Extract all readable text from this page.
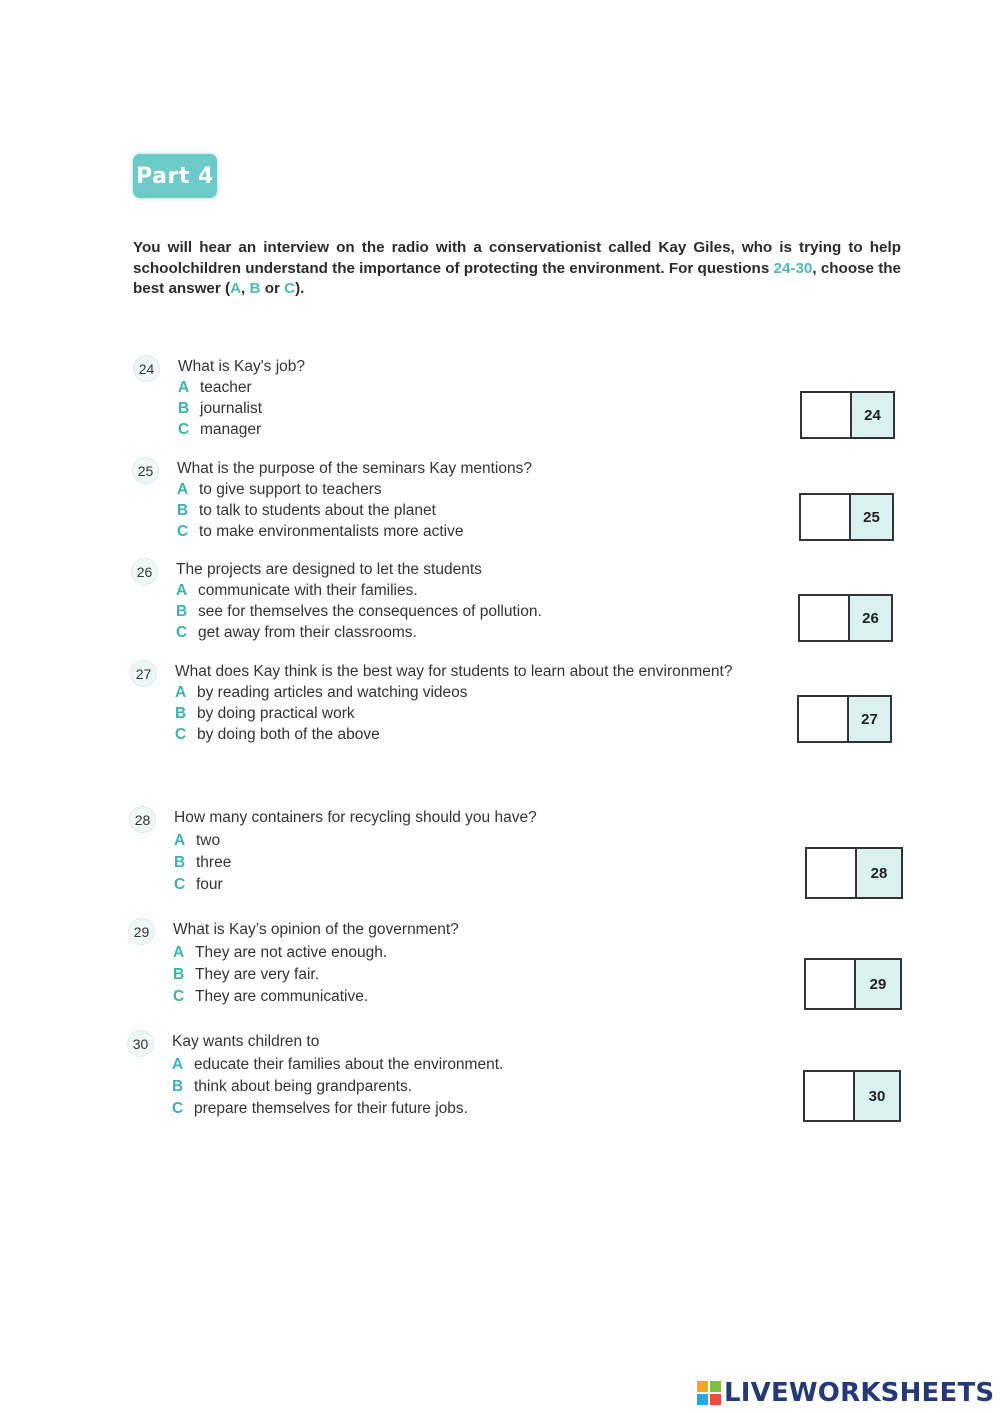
Part 4
You will hear an interview on the radio with a conservationist called Kay Giles, who is trying to help schoolchildren understand the importance of protecting the environment. For questions 24-30, choose the best answer (A, B or C).
24	What is Kay's job?
A teacher
B journalist
C manager
24
25	What is the purpose of the seminars Kay mentions?
A to give support to teachers
B to talk to students about the planet
C to make environmentalists more active
25
26	The projects are designed to let the students
A communicate with their families.
B see for themselves the consequences of pollution.
C get away from their classrooms.
26
27	What does Kay think is the best way for students to learn about the environment?
A by reading articles and watching videos
B by doing practical work
C by doing both of the above
27
28	How many containers for recycling should you have?
A two
B three
C four
28
29	What is Kay’s opinion of the government?
A They are not active enough.
B They are very fair.
C They are communicative.
29
30	Kay wants children to
A educate their families about the environment.
B think about being grandparents.
C prepare themselves for their future jobs.
30
LIVEWORKSHEETS
